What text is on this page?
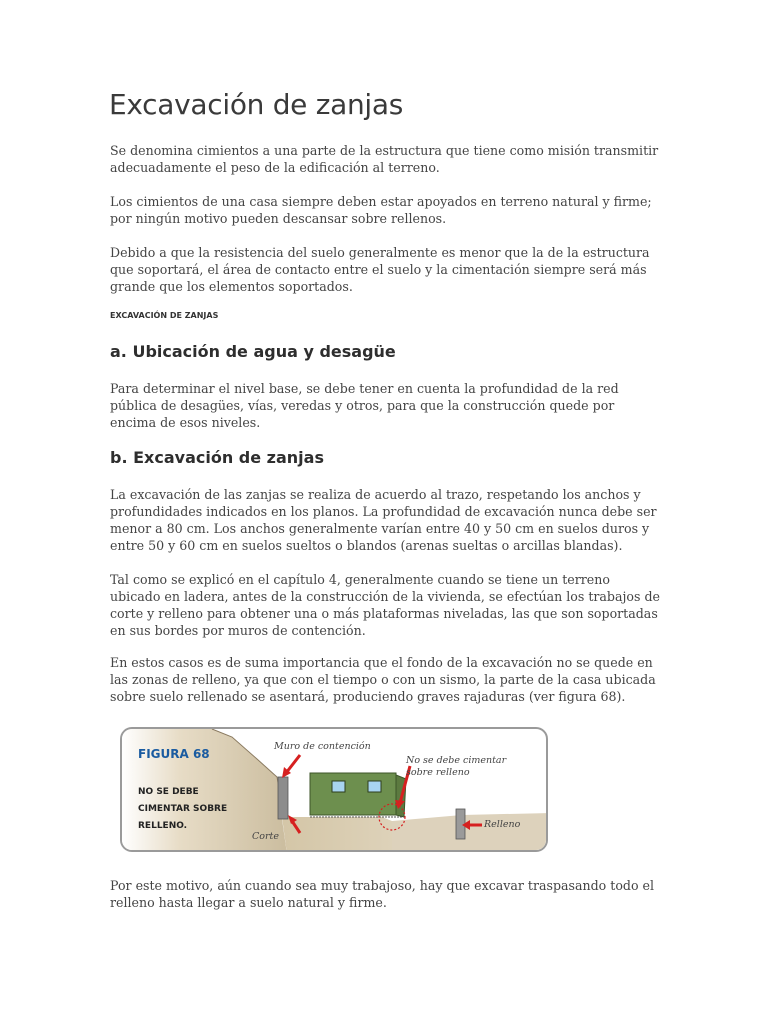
Excavación de zanjas

Se denomina cimientos a una parte de la estructura que tiene como misión transmitir adecuadamente el peso de la edificación al terreno.

Los cimientos de una casa siempre deben estar apoyados en terreno natural y firme; por ningún motivo pueden descansar sobre rellenos.

Debido a que la resistencia del suelo generalmente es menor que la de la estructura que soportará, el área de contacto entre el suelo y la cimentación siempre será más grande que los elementos soportados.

EXCAVACIÓN DE ZANJAS

a. Ubicación de agua y desagüe

Para determinar el nivel base, se debe tener en cuenta la profundidad de la red pública de desagües, vías, veredas y otros, para que la construcción quede por encima de esos niveles.

b. Excavación de zanjas

La excavación de las zanjas se realiza de acuerdo al trazo, respetando los anchos y profundidades indicados en los planos. La profundidad de excavación nunca debe ser menor a 80 cm. Los anchos generalmente varían entre 40 y 50 cm en suelos duros y entre 50 y 60 cm en suelos sueltos o blandos (arenas sueltas o arcillas blandas).

Tal como se explicó en el capítulo 4, generalmente cuando se tiene un terreno ubicado en ladera, antes de la construcción de la vivienda, se efectúan los trabajos de corte y relleno para obtener una o más plataformas niveladas, las que son soportadas en sus bordes por muros de contención.

En estos casos es de suma importancia que el fondo de la excavación no se quede en las zonas de relleno, ya que con el tiempo o con un sismo, la parte de la casa ubicada sobre suelo rellenado se asentará, produciendo graves rajaduras (ver figura 68).

FIGURA 68
NO SE DEBE CIMENTAR SOBRE RELLENO.
Muro de contención
No se debe cimentar sobre relleno
Corte
Relleno

Por este motivo, aún cuando sea muy trabajoso, hay que excavar traspasando todo el relleno hasta llegar a suelo natural y firme.
